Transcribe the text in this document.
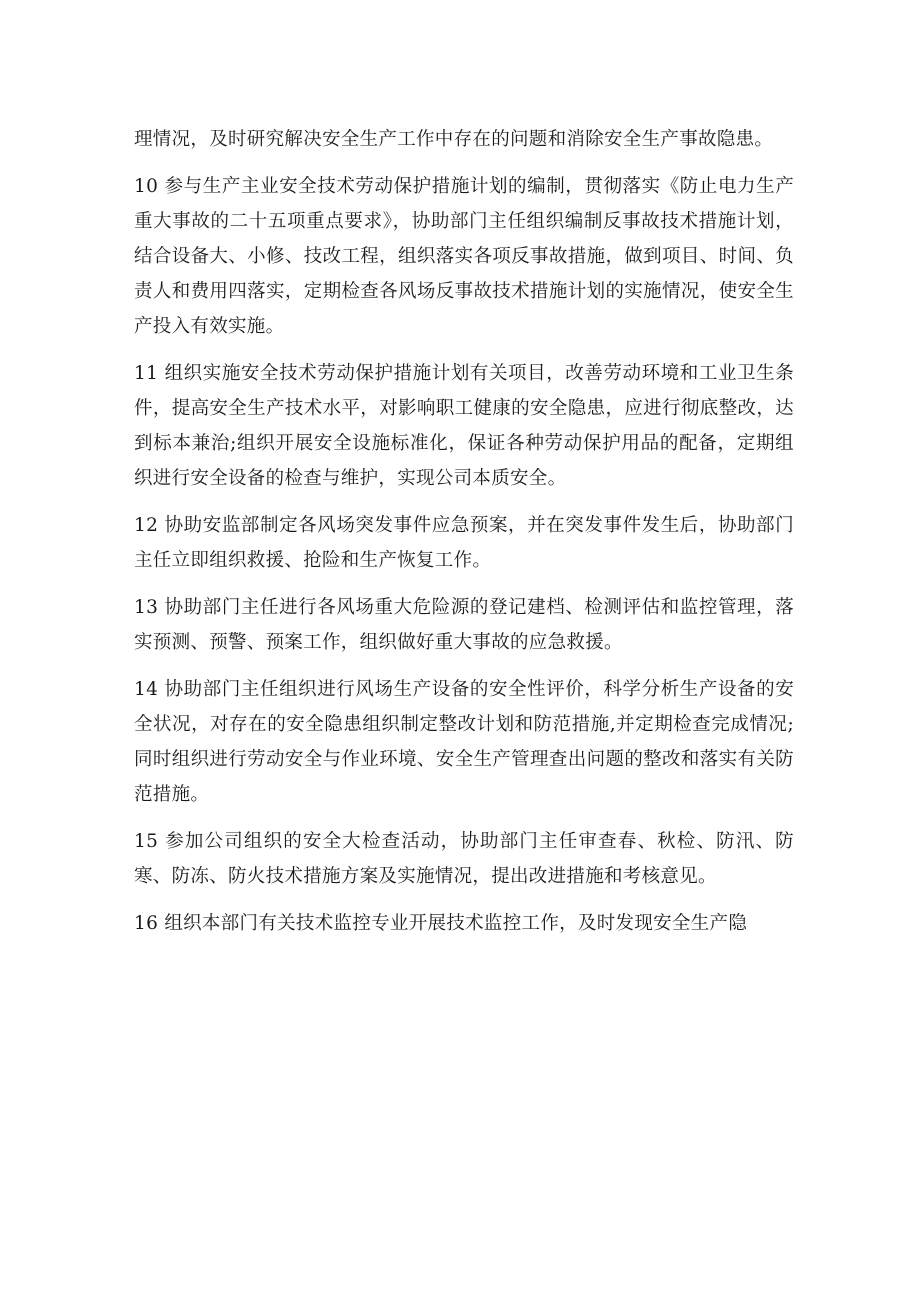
理情况，及时研究解决安全生产工作中存在的问题和消除安全生产事故隐患。

10 参与生产主业安全技术劳动保护措施计划的编制，贯彻落实《防止电力生产重大事故的二十五项重点要求》，协助部门主任组织编制反事故技术措施计划，结合设备大、小修、技改工程，组织落实各项反事故措施，做到项目、时间、负责人和费用四落实，定期检查各风场反事故技术措施计划的实施情况，使安全生产投入有效实施。

11 组织实施安全技术劳动保护措施计划有关项目，改善劳动环境和工业卫生条件，提高安全生产技术水平，对影响职工健康的安全隐患，应进行彻底整改，达到标本兼治;组织开展安全设施标准化，保证各种劳动保护用品的配备，定期组织进行安全设备的检查与维护，实现公司本质安全。

12 协助安监部制定各风场突发事件应急预案，并在突发事件发生后，协助部门主任立即组织救援、抢险和生产恢复工作。

13 协助部门主任进行各风场重大危险源的登记建档、检测评估和监控管理，落实预测、预警、预案工作，组织做好重大事故的应急救援。

14 协助部门主任组织进行风场生产设备的安全性评价，科学分析生产设备的安全状况，对存在的安全隐患组织制定整改计划和防范措施,并定期检查完成情况;同时组织进行劳动安全与作业环境、安全生产管理查出问题的整改和落实有关防范措施。

15 参加公司组织的安全大检查活动，协助部门主任审查春、秋检、防汛、防寒、防冻、防火技术措施方案及实施情况，提出改进措施和考核意见。

16 组织本部门有关技术监控专业开展技术监控工作，及时发现安全生产隐
